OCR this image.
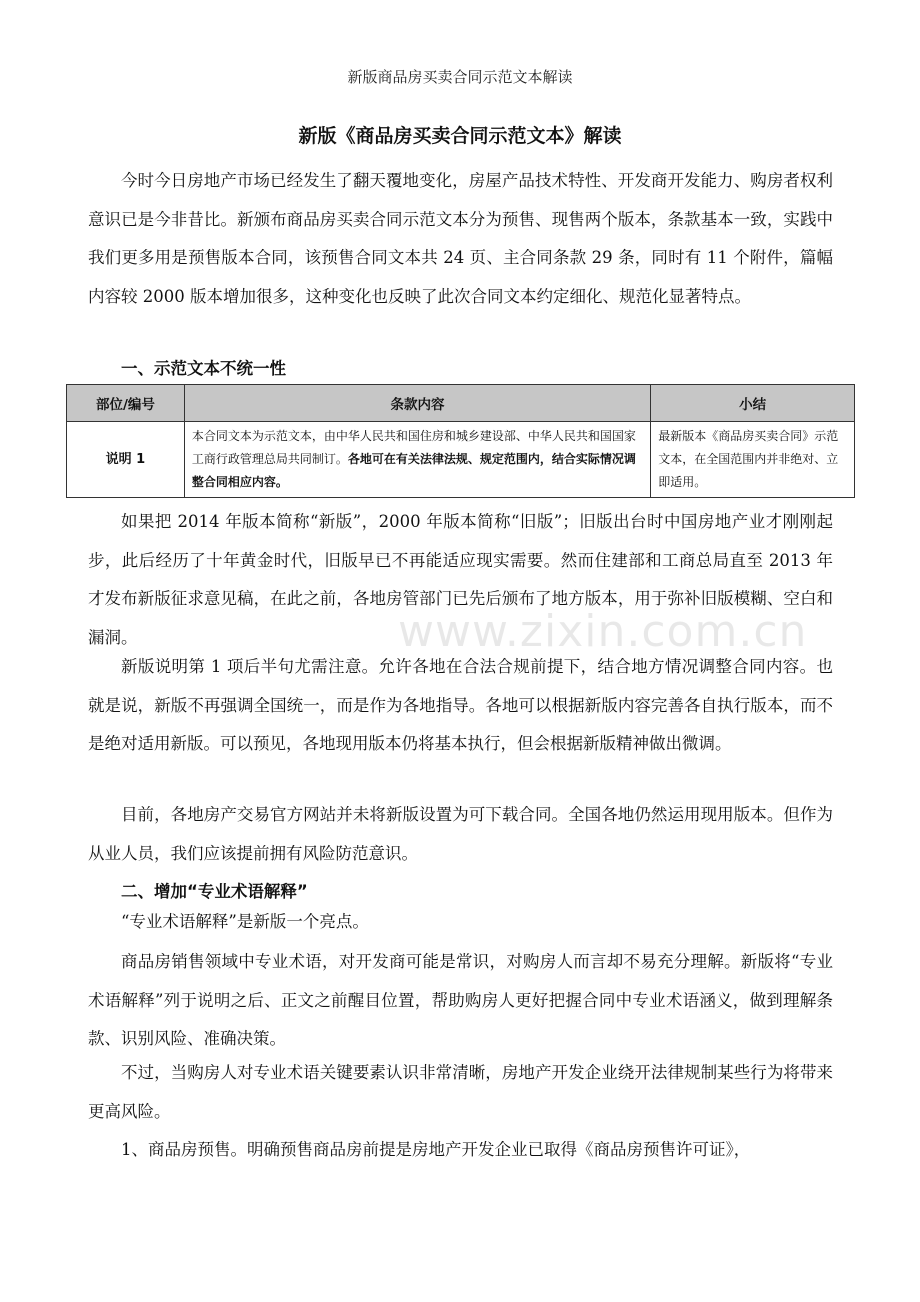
新版商品房买卖合同示范文本解读
新版《商品房买卖合同示范文本》解读

今时今日房地产市场已经发生了翻天覆地变化，房屋产品技术特性、开发商开发能力、购房者权利意识已是今非昔比。新颁布商品房买卖合同示范文本分为预售、现售两个版本，条款基本一致，实践中我们更多用是预售版本合同，该预售合同文本共 24 页、主合同条款 29 条，同时有 11 个附件，篇幅内容较 2000 版本增加很多，这种变化也反映了此次合同文本约定细化、规范化显著特点。

一、示范文本不统一性
部位/编号	条款内容	小结
说明 1	本合同文本为示范文本，由中华人民共和国住房和城乡建设部、中华人民共和国国家工商行政管理总局共同制订。各地可在有关法律法规、规定范围内，结合实际情况调整合同相应内容。	最新版本《商品房买卖合同》示范文本，在全国范围内并非绝对、立即适用。

如果把 2014 年版本简称“新版”，2000 年版本简称“旧版”；旧版出台时中国房地产业才刚刚起步，此后经历了十年黄金时代，旧版早已不再能适应现实需要。然而住建部和工商总局直至 2013 年才发布新版征求意见稿，在此之前，各地房管部门已先后颁布了地方版本，用于弥补旧版模糊、空白和漏洞。

新版说明第 1 项后半句尤需注意。允许各地在合法合规前提下，结合地方情况调整合同内容。也就是说，新版不再强调全国统一，而是作为各地指导。各地可以根据新版内容完善各自执行版本，而不是绝对适用新版。可以预见，各地现用版本仍将基本执行，但会根据新版精神做出微调。

目前，各地房产交易官方网站并未将新版设置为可下载合同。全国各地仍然运用现用版本。但作为从业人员，我们应该提前拥有风险防范意识。

二、增加“专业术语解释”

“专业术语解释”是新版一个亮点。

商品房销售领域中专业术语，对开发商可能是常识，对购房人而言却不易充分理解。新版将“专业术语解释”列于说明之后、正文之前醒目位置，帮助购房人更好把握合同中专业术语涵义，做到理解条款、识别风险、准确决策。

不过，当购房人对专业术语关键要素认识非常清晰，房地产开发企业绕开法律规制某些行为将带来更高风险。

1、商品房预售。明确预售商品房前提是房地产开发企业已取得《商品房预售许可证》，

www.zixin.com.cn
